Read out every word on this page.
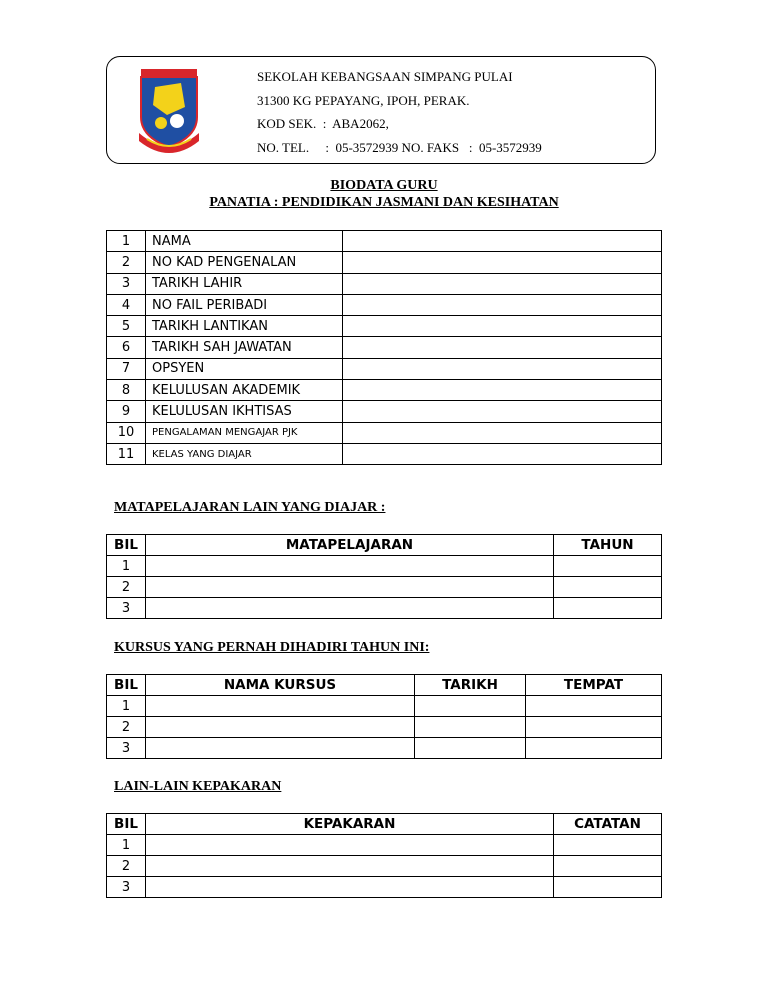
SEKOLAH KEBANGSAAN SIMPANG PULAI
31300 KG PEPAYANG, IPOH, PERAK.
KOD SEK.  :  ABA2062,
NO. TEL.     :  05-3572939 NO. FAKS   :  05-3572939
BIODATA GURU
PANATIA : PENDIDIKAN JASMANI DAN KESIHATAN
1	NAMA	
2	NO KAD PENGENALAN	
3	TARIKH LAHIR	
4	NO FAIL PERIBADI	
5	TARIKH LANTIKAN	
6	TARIKH SAH JAWATAN	
7	OPSYEN	
8	KELULUSAN AKADEMIK	
9	KELULUSAN IKHTISAS	
10	PENGALAMAN MENGAJAR PJK	
11	KELAS YANG DIAJAR	
MATAPELAJARAN LAIN YANG DIAJAR :
BIL	MATAPELAJARAN	TAHUN
1		
2		
3		
KURSUS YANG PERNAH DIHADIRI TAHUN INI:
BIL	NAMA KURSUS	TARIKH	TEMPAT
1			
2			
3			
LAIN-LAIN KEPAKARAN
BIL	KEPAKARAN	CATATAN
1		
2		
3		
